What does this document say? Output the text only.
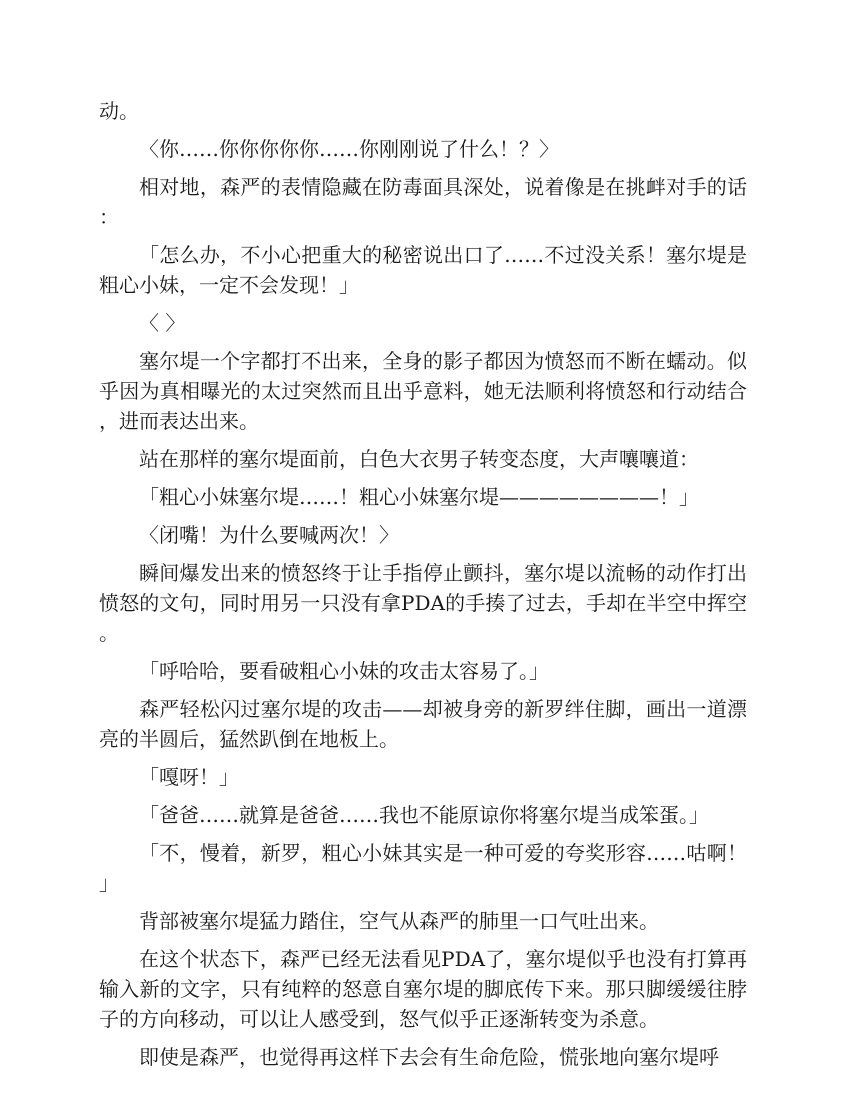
动。

〈你……你你你你你……你刚刚说了什么！？〉

相对地，森严的表情隐藏在防毒面具深处，说着像是在挑衅对手的话：

「怎么办，不小心把重大的秘密说出口了……不过没关系！塞尔堤是粗心小妹，一定不会发现！」

〈 〉

塞尔堤一个字都打不出来，全身的影子都因为愤怒而不断在蠕动。似乎因为真相曝光的太过突然而且出乎意料，她无法顺利将愤怒和行动结合，进而表达出来。

站在那样的塞尔堤面前，白色大衣男子转变态度，大声嚷嚷道：

「粗心小妹塞尔堤……！粗心小妹塞尔堤————————！」

〈闭嘴！为什么要喊两次！〉

瞬间爆发出来的愤怒终于让手指停止颤抖，塞尔堤以流畅的动作打出愤怒的文句，同时用另一只没有拿PDA的手揍了过去，手却在半空中挥空。

「呼哈哈，要看破粗心小妹的攻击太容易了。」

森严轻松闪过塞尔堤的攻击——却被身旁的新罗绊住脚，画出一道漂亮的半圆后，猛然趴倒在地板上。

「嘎呀！」

「爸爸……就算是爸爸……我也不能原谅你将塞尔堤当成笨蛋。」

「不，慢着，新罗，粗心小妹其实是一种可爱的夸奖形容……咕啊！」

背部被塞尔堤猛力踏住，空气从森严的肺里一口气吐出来。

在这个状态下，森严已经无法看见PDA了，塞尔堤似乎也没有打算再输入新的文字，只有纯粹的怒意自塞尔堤的脚底传下来。那只脚缓缓往脖子的方向移动，可以让人感受到，怒气似乎正逐渐转变为杀意。

即使是森严，也觉得再这样下去会有生命危险，慌张地向塞尔堤呼
